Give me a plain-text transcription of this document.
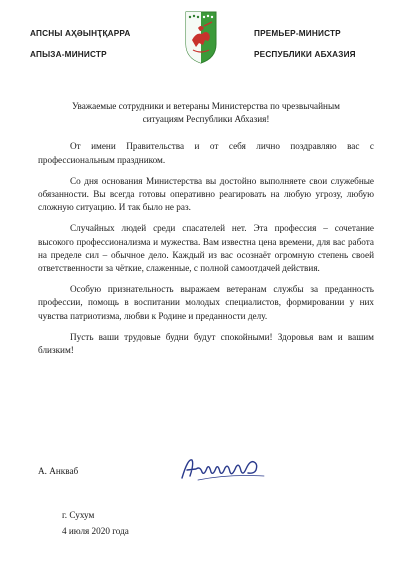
АПСНЫ АҲӘЫНҬҚАРРА
АПЫЗА-МИНИСТР
ПРЕМЬЕР-МИНИСТР
РЕСПУБЛИКИ АБХАЗИЯ

Уважаемые сотрудники и ветераны Министерства по чрезвычайным ситуациям Республики Абхазия!

От имени Правительства и от себя лично поздравляю вас с профессиональным праздником.

Со дня основания Министерства вы достойно выполняете свои служебные обязанности. Вы всегда готовы оперативно реагировать на любую угрозу, любую сложную ситуацию. И так было не раз.

Случайных людей среди спасателей нет. Эта профессия – сочетание высокого профессионализма и мужества. Вам известна цена времени, для вас работа на пределе сил – обычное дело. Каждый из вас осознаёт огромную степень своей ответственности за чёткие, слаженные, с полной самоотдачей действия.

Особую признательность выражаем ветеранам службы за преданность профессии, помощь в воспитании молодых специалистов, формировании у них чувства патриотизма, любви к Родине и преданности делу.

Пусть ваши трудовые будни будут спокойными! Здоровья вам и вашим близким!

А. Анкваб
г. Сухум
4 июля 2020 года
